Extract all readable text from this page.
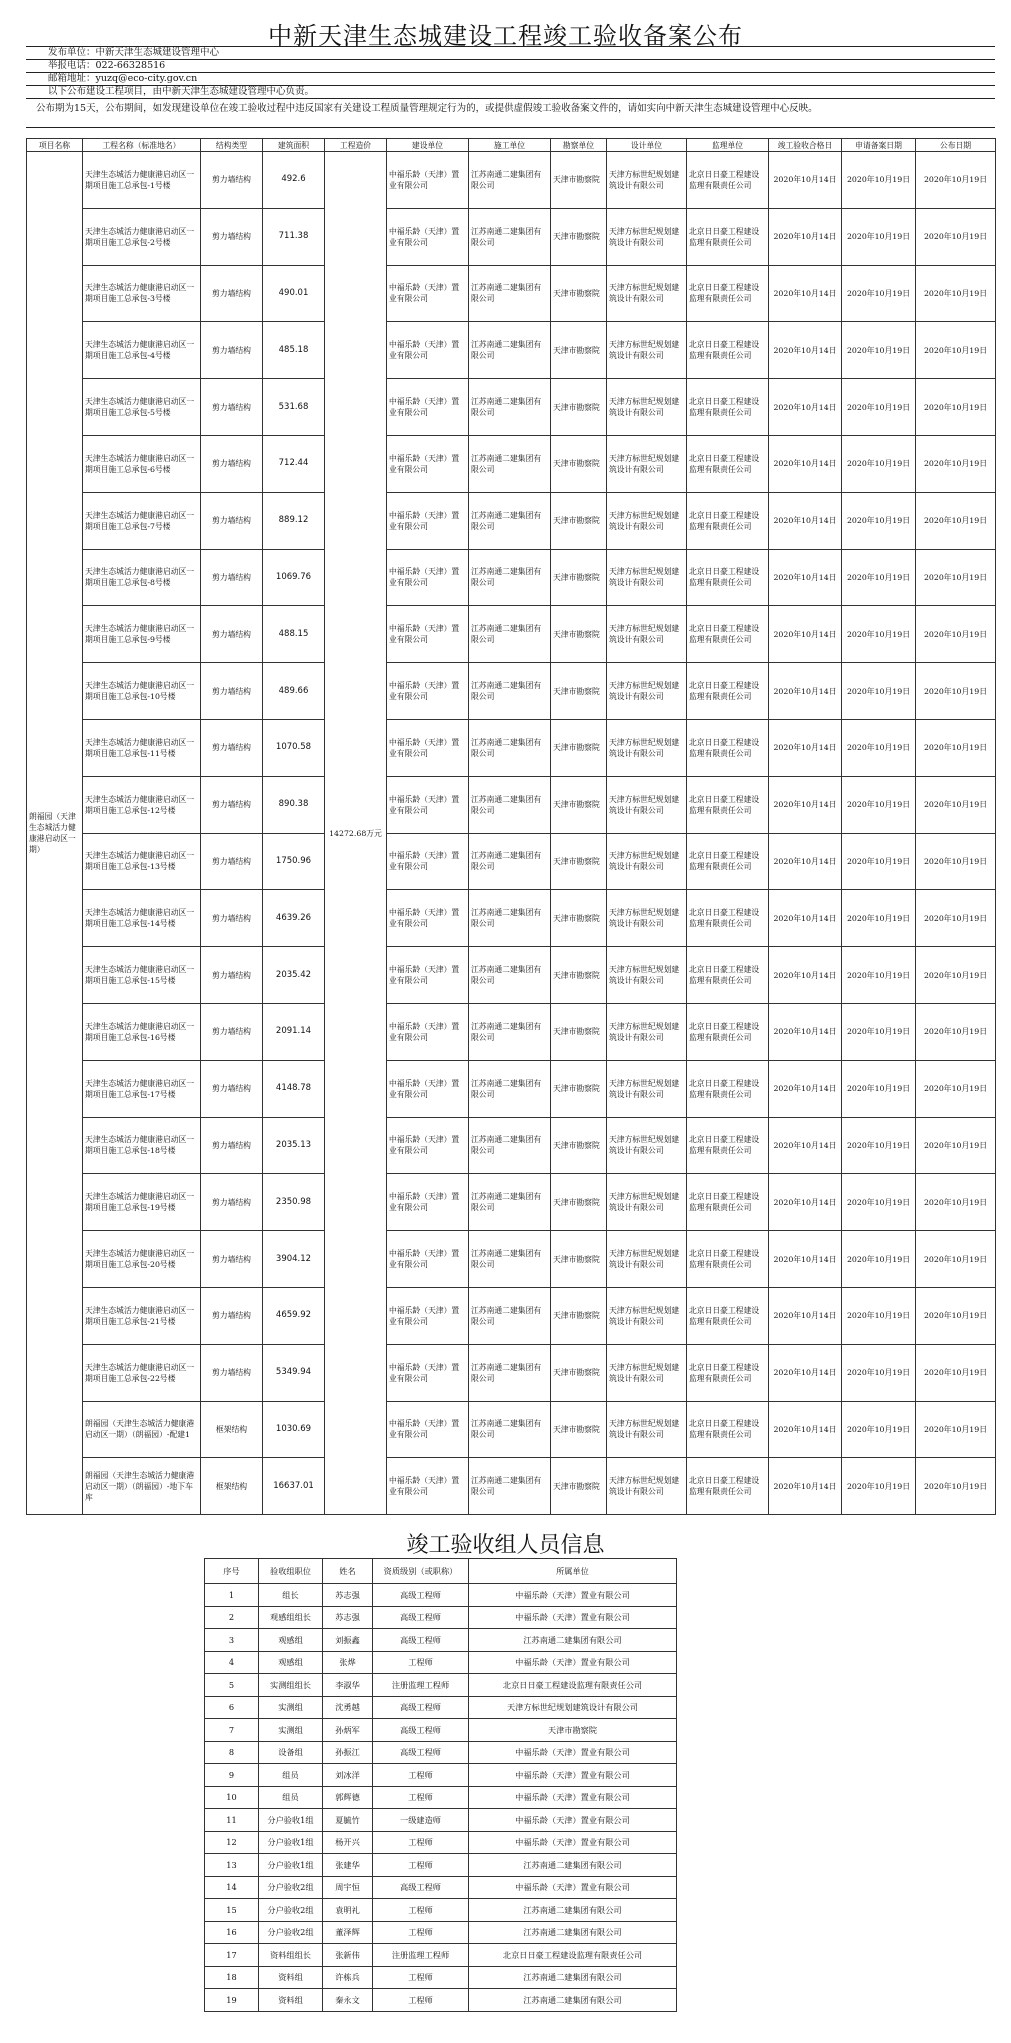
中新天津生态城建设工程竣工验收备案公布
发布单位：中新天津生态城建设管理中心
举报电话：022-66328516
邮箱地址：yuzq@eco-city.gov.cn
以下公布建设工程项目，由中新天津生态城建设管理中心负责。
公布期为15天，公布期间，如发现建设单位在竣工验收过程中违反国家有关建设工程质量管理规定行为的，或提供虚假竣工验收备案文件的，请如实向中新天津生态城建设管理中心反映。
项目名称	工程名称（标准地名）	结构类型	建筑面积	工程造价	建设单位	施工单位	勘察单位	设计单位	监理单位	竣工验收合格日	申请备案日期	公布日期
朗福园（天津生态城活力健康港启动区一期）	天津生态城活力健康港启动区一期项目施工总承包-1号楼	剪力墙结构	492.6	14272.68万元	中福乐龄（天津）置业有限公司	江苏南通二建集团有限公司	天津市勘察院	天津方标世纪规划建筑设计有限公司	北京日日豪工程建设监理有限责任公司	2020年10月14日	2020年10月19日	2020年10月19日
	天津生态城活力健康港启动区一期项目施工总承包-2号楼	剪力墙结构	711.38		中福乐龄（天津）置业有限公司	江苏南通二建集团有限公司	天津市勘察院	天津方标世纪规划建筑设计有限公司	北京日日豪工程建设监理有限责任公司	2020年10月14日	2020年10月19日	2020年10月19日
	天津生态城活力健康港启动区一期项目施工总承包-3号楼	剪力墙结构	490.01		中福乐龄（天津）置业有限公司	江苏南通二建集团有限公司	天津市勘察院	天津方标世纪规划建筑设计有限公司	北京日日豪工程建设监理有限责任公司	2020年10月14日	2020年10月19日	2020年10月19日
	天津生态城活力健康港启动区一期项目施工总承包-4号楼	剪力墙结构	485.18		中福乐龄（天津）置业有限公司	江苏南通二建集团有限公司	天津市勘察院	天津方标世纪规划建筑设计有限公司	北京日日豪工程建设监理有限责任公司	2020年10月14日	2020年10月19日	2020年10月19日
	天津生态城活力健康港启动区一期项目施工总承包-5号楼	剪力墙结构	531.68		中福乐龄（天津）置业有限公司	江苏南通二建集团有限公司	天津市勘察院	天津方标世纪规划建筑设计有限公司	北京日日豪工程建设监理有限责任公司	2020年10月14日	2020年10月19日	2020年10月19日
	天津生态城活力健康港启动区一期项目施工总承包-6号楼	剪力墙结构	712.44		中福乐龄（天津）置业有限公司	江苏南通二建集团有限公司	天津市勘察院	天津方标世纪规划建筑设计有限公司	北京日日豪工程建设监理有限责任公司	2020年10月14日	2020年10月19日	2020年10月19日
	天津生态城活力健康港启动区一期项目施工总承包-7号楼	剪力墙结构	889.12		中福乐龄（天津）置业有限公司	江苏南通二建集团有限公司	天津市勘察院	天津方标世纪规划建筑设计有限公司	北京日日豪工程建设监理有限责任公司	2020年10月14日	2020年10月19日	2020年10月19日
	天津生态城活力健康港启动区一期项目施工总承包-8号楼	剪力墙结构	1069.76		中福乐龄（天津）置业有限公司	江苏南通二建集团有限公司	天津市勘察院	天津方标世纪规划建筑设计有限公司	北京日日豪工程建设监理有限责任公司	2020年10月14日	2020年10月19日	2020年10月19日
	天津生态城活力健康港启动区一期项目施工总承包-9号楼	剪力墙结构	488.15		中福乐龄（天津）置业有限公司	江苏南通二建集团有限公司	天津市勘察院	天津方标世纪规划建筑设计有限公司	北京日日豪工程建设监理有限责任公司	2020年10月14日	2020年10月19日	2020年10月19日
	天津生态城活力健康港启动区一期项目施工总承包-10号楼	剪力墙结构	489.66		中福乐龄（天津）置业有限公司	江苏南通二建集团有限公司	天津市勘察院	天津方标世纪规划建筑设计有限公司	北京日日豪工程建设监理有限责任公司	2020年10月14日	2020年10月19日	2020年10月19日
	天津生态城活力健康港启动区一期项目施工总承包-11号楼	剪力墙结构	1070.58		中福乐龄（天津）置业有限公司	江苏南通二建集团有限公司	天津市勘察院	天津方标世纪规划建筑设计有限公司	北京日日豪工程建设监理有限责任公司	2020年10月14日	2020年10月19日	2020年10月19日
	天津生态城活力健康港启动区一期项目施工总承包-12号楼	剪力墙结构	890.38		中福乐龄（天津）置业有限公司	江苏南通二建集团有限公司	天津市勘察院	天津方标世纪规划建筑设计有限公司	北京日日豪工程建设监理有限责任公司	2020年10月14日	2020年10月19日	2020年10月19日
	天津生态城活力健康港启动区一期项目施工总承包-13号楼	剪力墙结构	1750.96		中福乐龄（天津）置业有限公司	江苏南通二建集团有限公司	天津市勘察院	天津方标世纪规划建筑设计有限公司	北京日日豪工程建设监理有限责任公司	2020年10月14日	2020年10月19日	2020年10月19日
	天津生态城活力健康港启动区一期项目施工总承包-14号楼	剪力墙结构	4639.26		中福乐龄（天津）置业有限公司	江苏南通二建集团有限公司	天津市勘察院	天津方标世纪规划建筑设计有限公司	北京日日豪工程建设监理有限责任公司	2020年10月14日	2020年10月19日	2020年10月19日
	天津生态城活力健康港启动区一期项目施工总承包-15号楼	剪力墙结构	2035.42		中福乐龄（天津）置业有限公司	江苏南通二建集团有限公司	天津市勘察院	天津方标世纪规划建筑设计有限公司	北京日日豪工程建设监理有限责任公司	2020年10月14日	2020年10月19日	2020年10月19日
	天津生态城活力健康港启动区一期项目施工总承包-16号楼	剪力墙结构	2091.14		中福乐龄（天津）置业有限公司	江苏南通二建集团有限公司	天津市勘察院	天津方标世纪规划建筑设计有限公司	北京日日豪工程建设监理有限责任公司	2020年10月14日	2020年10月19日	2020年10月19日
	天津生态城活力健康港启动区一期项目施工总承包-17号楼	剪力墙结构	4148.78		中福乐龄（天津）置业有限公司	江苏南通二建集团有限公司	天津市勘察院	天津方标世纪规划建筑设计有限公司	北京日日豪工程建设监理有限责任公司	2020年10月14日	2020年10月19日	2020年10月19日
	天津生态城活力健康港启动区一期项目施工总承包-18号楼	剪力墙结构	2035.13		中福乐龄（天津）置业有限公司	江苏南通二建集团有限公司	天津市勘察院	天津方标世纪规划建筑设计有限公司	北京日日豪工程建设监理有限责任公司	2020年10月14日	2020年10月19日	2020年10月19日
	天津生态城活力健康港启动区一期项目施工总承包-19号楼	剪力墙结构	2350.98		中福乐龄（天津）置业有限公司	江苏南通二建集团有限公司	天津市勘察院	天津方标世纪规划建筑设计有限公司	北京日日豪工程建设监理有限责任公司	2020年10月14日	2020年10月19日	2020年10月19日
	天津生态城活力健康港启动区一期项目施工总承包-20号楼	剪力墙结构	3904.12		中福乐龄（天津）置业有限公司	江苏南通二建集团有限公司	天津市勘察院	天津方标世纪规划建筑设计有限公司	北京日日豪工程建设监理有限责任公司	2020年10月14日	2020年10月19日	2020年10月19日
	天津生态城活力健康港启动区一期项目施工总承包-21号楼	剪力墙结构	4659.92		中福乐龄（天津）置业有限公司	江苏南通二建集团有限公司	天津市勘察院	天津方标世纪规划建筑设计有限公司	北京日日豪工程建设监理有限责任公司	2020年10月14日	2020年10月19日	2020年10月19日
	天津生态城活力健康港启动区一期项目施工总承包-22号楼	剪力墙结构	5349.94		中福乐龄（天津）置业有限公司	江苏南通二建集团有限公司	天津市勘察院	天津方标世纪规划建筑设计有限公司	北京日日豪工程建设监理有限责任公司	2020年10月14日	2020年10月19日	2020年10月19日
	朗福园（天津生态城活力健康港启动区一期）（朗福园）-配建1	框架结构	1030.69		中福乐龄（天津）置业有限公司	江苏南通二建集团有限公司	天津市勘察院	天津方标世纪规划建筑设计有限公司	北京日日豪工程建设监理有限责任公司	2020年10月14日	2020年10月19日	2020年10月19日
	朗福园（天津生态城活力健康港启动区一期）（朗福园）-地下车库	框架结构	16637.01		中福乐龄（天津）置业有限公司	江苏南通二建集团有限公司	天津市勘察院	天津方标世纪规划建筑设计有限公司	北京日日豪工程建设监理有限责任公司	2020年10月14日	2020年10月19日	2020年10月19日
竣工验收组人员信息
序号	验收组职位	姓名	资质级别（或职称）	所属单位
1	组长	苏志强	高级工程师	中福乐龄（天津）置业有限公司
2	观感组组长	苏志强	高级工程师	中福乐龄（天津）置业有限公司
3	观感组	刘振鑫	高级工程师	江苏南通二建集团有限公司
4	观感组	张烨	工程师	中福乐龄（天津）置业有限公司
5	实测组组长	李淑华	注册监理工程师	北京日日豪工程建设监理有限责任公司
6	实测组	沈勇越	高级工程师	天津方标世纪规划建筑设计有限公司
7	实测组	孙炳军	高级工程师	天津市勘察院
8	设备组	孙振江	高级工程师	中福乐龄（天津）置业有限公司
9	组员	刘冰洋	工程师	中福乐龄（天津）置业有限公司
10	组员	郭辉德	工程师	中福乐龄（天津）置业有限公司
11	分户验收1组	夏毓竹	一级建造师	中福乐龄（天津）置业有限公司
12	分户验收1组	杨开兴	工程师	中福乐龄（天津）置业有限公司
13	分户验收1组	张建华	工程师	江苏南通二建集团有限公司
14	分户验收2组	周宇恒	高级工程师	中福乐龄（天津）置业有限公司
15	分户验收2组	袁明礼	工程师	江苏南通二建集团有限公司
16	分户验收2组	董泽辉	工程师	江苏南通二建集团有限公司
17	资料组组长	张新伟	注册监理工程师	北京日日豪工程建设监理有限责任公司
18	资料组	许栋兵	工程师	江苏南通二建集团有限公司
19	资料组	秦永文	工程师	江苏南通二建集团有限公司
